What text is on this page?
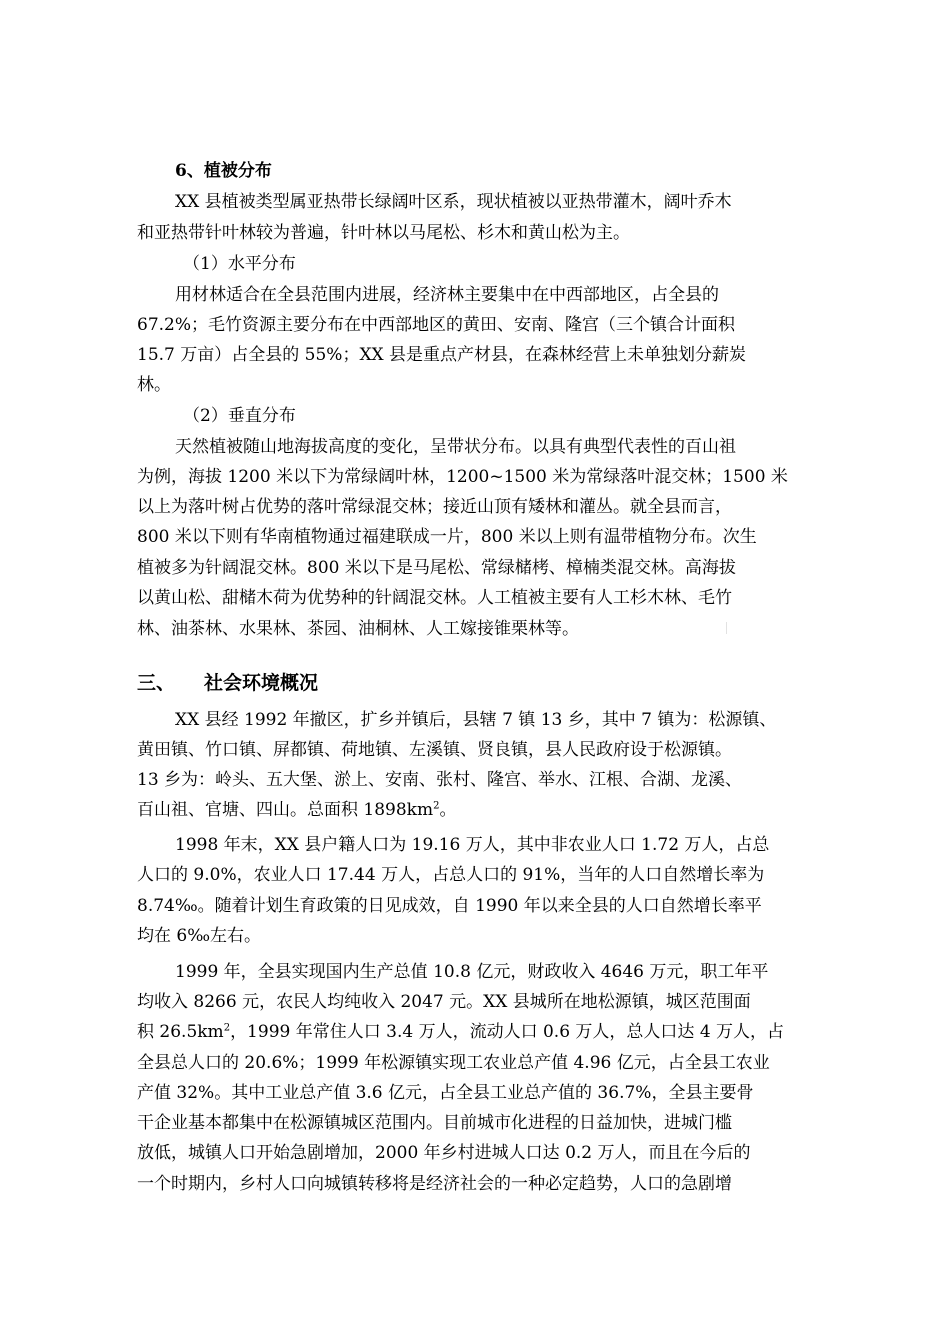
6、植被分布
XX 县植被类型属亚热带长绿阔叶区系，现状植被以亚热带灌木，阔叶乔木
和亚热带针叶林较为普遍，针叶林以马尾松、杉木和黄山松为主。
（1）水平分布
用材林适合在全县范围内进展，经济林主要集中在中西部地区，占全县的
67.2%；毛竹资源主要分布在中西部地区的黄田、安南、隆宫（三个镇合计面积
15.7 万亩）占全县的 55%；XX 县是重点产材县，在森林经营上未单独划分薪炭
林。
（2）垂直分布
天然植被随山地海拔高度的变化，呈带状分布。以具有典型代表性的百山祖
为例，海拔 1200 米以下为常绿阔叶林，1200~1500 米为常绿落叶混交林；1500 米
以上为落叶树占优势的落叶常绿混交林；接近山顶有矮林和灌丛。就全县而言，
800 米以下则有华南植物通过福建联成一片，800 米以上则有温带植物分布。次生
植被多为针阔混交林。800 米以下是马尾松、常绿槠栲、樟楠类混交林。高海拔
以黄山松、甜槠木荷为优势种的针阔混交林。人工植被主要有人工杉木林、毛竹
林、油茶林、水果林、茶园、油桐林、人工嫁接锥栗林等。
三、 社会环境概况
XX 县经 1992 年撤区，扩乡并镇后，县辖 7 镇 13 乡，其中 7 镇为：松源镇、
黄田镇、竹口镇、屏都镇、荷地镇、左溪镇、贤良镇，县人民政府设于松源镇。
13 乡为：岭头、五大堡、淤上、安南、张村、隆宫、举水、江根、合湖、龙溪、
百山祖、官塘、四山。总面积 $1898km^2$。
1998 年末，XX 县户籍人口为 19.16 万人，其中非农业人口 1.72 万人，占总
人口的 9.0%，农业人口 17.44 万人，占总人口的 91%，当年的人口自然增长率为
8.74‰。随着计划生育政策的日见成效，自 1990 年以来全县的人口自然增长率平
均在 6‰左右。
1999 年，全县实现国内生产总值 10.8 亿元，财政收入 4646 万元，职工年平
均收入 8266 元，农民人均纯收入 2047 元。XX 县城所在地松源镇，城区范围面
积 $26.5km^2$，1999 年常住人口 3.4 万人，流动人口 0.6 万人，总人口达 4 万人，占
全县总人口的 20.6%；1999 年松源镇实现工农业总产值 4.96 亿元，占全县工农业
产值 32%。其中工业总产值 3.6 亿元，占全县工业总产值的 36.7%，全县主要骨
干企业基本都集中在松源镇城区范围内。目前城市化进程的日益加快，进城门槛
放低，城镇人口开始急剧增加，2000 年乡村进城人口达 0.2 万人，而且在今后的
一个时期内，乡村人口向城镇转移将是经济社会的一种必定趋势，人口的急剧增
